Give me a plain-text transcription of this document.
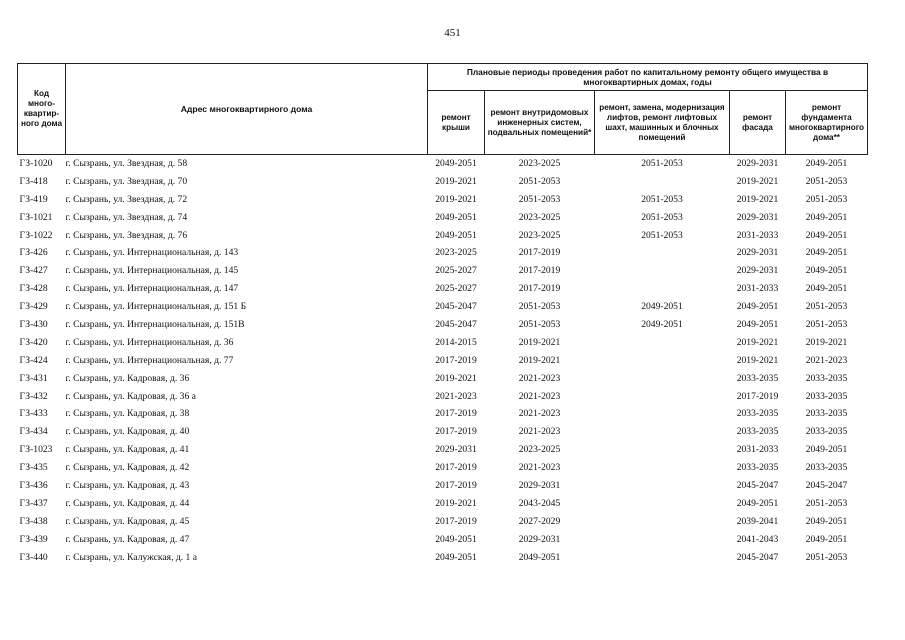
451
Код много-квартир-ного дома	Адрес многоквартирного дома	Плановые периоды проведения работ по капитальному ремонту общего имущества в многоквартирных домах, годы				
		ремонт крыши	ремонт внутридомовых инженерных систем, подвальных помещений*	ремонт, замена, модернизация лифтов, ремонт лифтовых шахт, машинных и блочных помещений	ремонт фасада	ремонт фундамента многоквартирного дома**
ГЗ-1020	г. Сызрань, ул. Звездная, д. 58	2049-2051	2023-2025	2051-2053	2029-2031	2049-2051
ГЗ-418	г. Сызрань, ул. Звездная, д. 70	2019-2021	2051-2053		2019-2021	2051-2053
ГЗ-419	г. Сызрань, ул. Звездная, д. 72	2019-2021	2051-2053	2051-2053	2019-2021	2051-2053
ГЗ-1021	г. Сызрань, ул. Звездная, д. 74	2049-2051	2023-2025	2051-2053	2029-2031	2049-2051
ГЗ-1022	г. Сызрань, ул. Звездная, д. 76	2049-2051	2023-2025	2051-2053	2031-2033	2049-2051
ГЗ-426	г. Сызрань, ул. Интернациональная, д. 143	2023-2025	2017-2019		2029-2031	2049-2051
ГЗ-427	г. Сызрань, ул. Интернациональная, д. 145	2025-2027	2017-2019		2029-2031	2049-2051
ГЗ-428	г. Сызрань, ул. Интернациональная, д. 147	2025-2027	2017-2019		2031-2033	2049-2051
ГЗ-429	г. Сызрань, ул. Интернациональная, д. 151 Б	2045-2047	2051-2053	2049-2051	2049-2051	2051-2053
ГЗ-430	г. Сызрань, ул. Интернациональная, д. 151В	2045-2047	2051-2053	2049-2051	2049-2051	2051-2053
ГЗ-420	г. Сызрань, ул. Интернациональная, д. 36	2014-2015	2019-2021		2019-2021	2019-2021
ГЗ-424	г. Сызрань, ул. Интернациональная, д. 77	2017-2019	2019-2021		2019-2021	2021-2023
ГЗ-431	г. Сызрань, ул. Кадровая, д. 36	2019-2021	2021-2023		2033-2035	2033-2035
ГЗ-432	г. Сызрань, ул. Кадровая, д. 36 а	2021-2023	2021-2023		2017-2019	2033-2035
ГЗ-433	г. Сызрань, ул. Кадровая, д. 38	2017-2019	2021-2023		2033-2035	2033-2035
ГЗ-434	г. Сызрань, ул. Кадровая, д. 40	2017-2019	2021-2023		2033-2035	2033-2035
ГЗ-1023	г. Сызрань, ул. Кадровая, д. 41	2029-2031	2023-2025		2031-2033	2049-2051
ГЗ-435	г. Сызрань, ул. Кадровая, д. 42	2017-2019	2021-2023		2033-2035	2033-2035
ГЗ-436	г. Сызрань, ул. Кадровая, д. 43	2017-2019	2029-2031		2045-2047	2045-2047
ГЗ-437	г. Сызрань, ул. Кадровая, д. 44	2019-2021	2043-2045		2049-2051	2051-2053
ГЗ-438	г. Сызрань, ул. Кадровая, д. 45	2017-2019	2027-2029		2039-2041	2049-2051
ГЗ-439	г. Сызрань, ул. Кадровая, д. 47	2049-2051	2029-2031		2041-2043	2049-2051
ГЗ-440	г. Сызрань, ул. Калужская, д. 1 а	2049-2051	2049-2051		2045-2047	2051-2053
